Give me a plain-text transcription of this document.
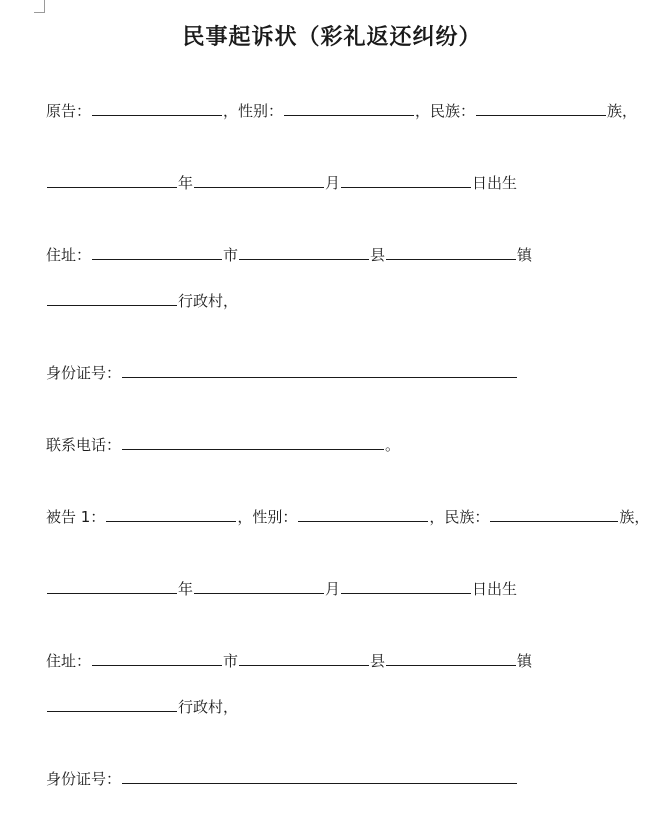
民事起诉状（彩礼返还纠纷）
原告：	，性别：	，民族：	族，
年	月	日出生
住址：	市	县	镇
行政村，
身份证号：
联系电话：	。
被告 1：	，性别：	，民族：	族，
年	月	日出生
住址：	市	县	镇
行政村，
身份证号：
